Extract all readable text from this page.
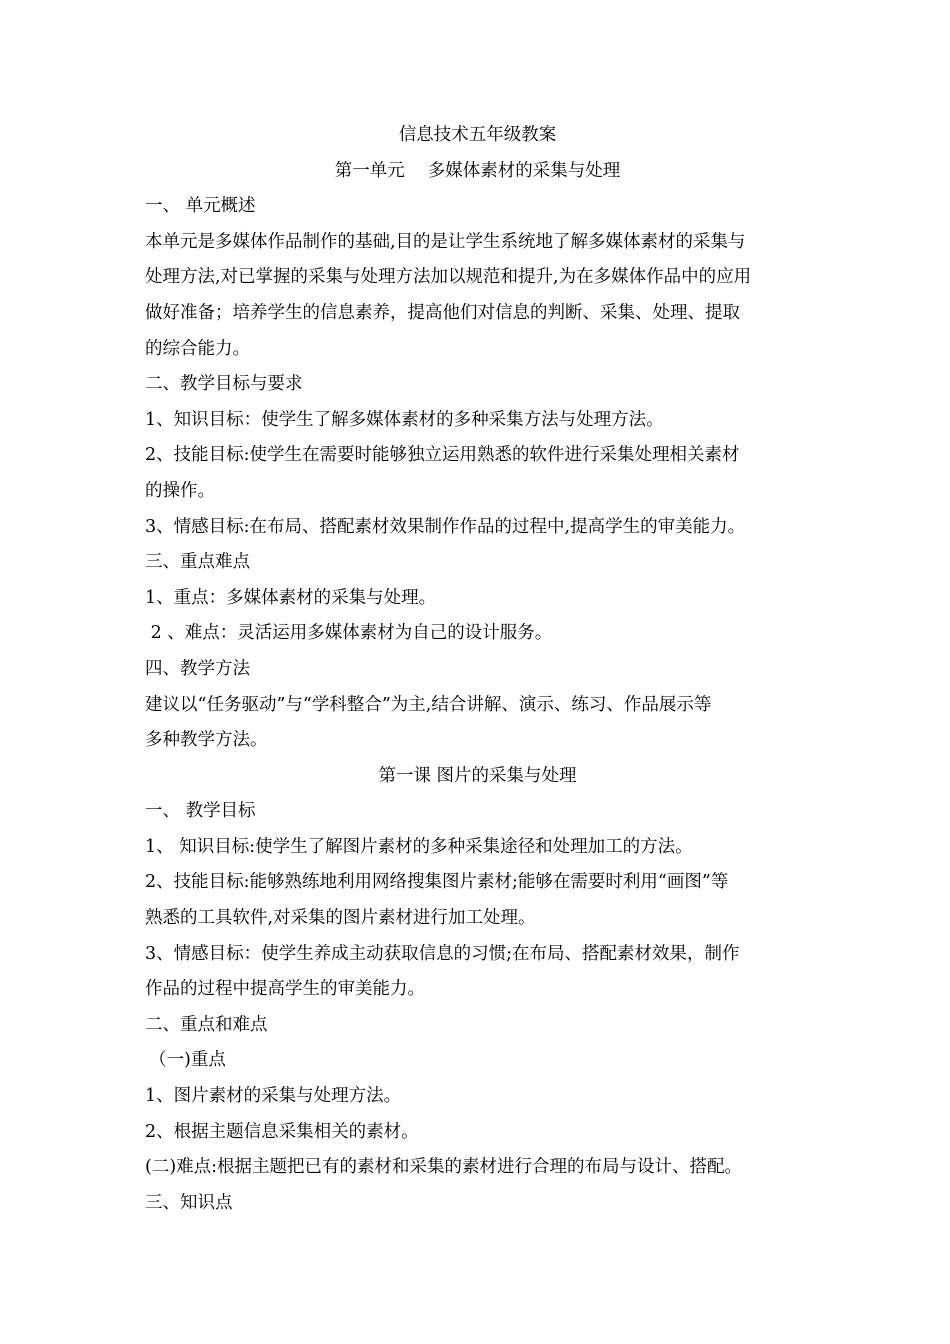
信息技术五年级教案
第一单元　 多媒体素材的采集与处理
一、 单元概述
本单元是多媒体作品制作的基础,目的是让学生系统地了解多媒体素材的采集与
处理方法,对已掌握的采集与处理方法加以规范和提升,为在多媒体作品中的应用
做好准备；培养学生的信息素养，提高他们对信息的判断、采集、处理、提取
的综合能力。
二、教学目标与要求
1、知识目标：使学生了解多媒体素材的多种采集方法与处理方法。
2、技能目标:使学生在需要时能够独立运用熟悉的软件进行采集处理相关素材
的操作。
3、情感目标:在布局、搭配素材效果制作作品的过程中,提高学生的审美能力。
三、重点难点
1、重点：多媒体素材的采集与处理。
2 、难点：灵活运用多媒体素材为自己的设计服务。
四、教学方法
建议以“任务驱动”与“学科整合”为主,结合讲解、演示、练习、作品展示等
多种教学方法。
第一课 图片的采集与处理
一、 教学目标
1、 知识目标:使学生了解图片素材的多种采集途径和处理加工的方法。
2、技能目标:能够熟练地利用网络搜集图片素材;能够在需要时利用“画图”等
熟悉的工具软件,对采集的图片素材进行加工处理。
3、情感目标：使学生养成主动获取信息的习惯;在布局、搭配素材效果，制作
作品的过程中提高学生的审美能力。
二、重点和难点
（一)重点
1、图片素材的采集与处理方法。
2、根据主题信息采集相关的素材。
(二)难点:根据主题把已有的素材和采集的素材进行合理的布局与设计、搭配。
三、知识点
